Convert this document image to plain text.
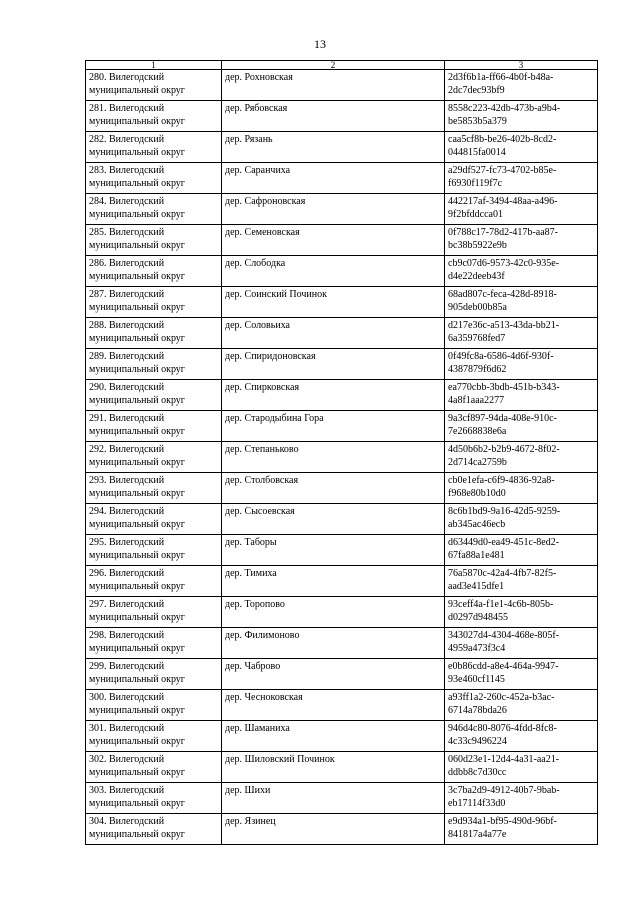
13
1	2	3

280. Вилегодский
муниципальный округ	дер. Рохновская	2d3f6b1a-ff66-4b0f-b48a-
2dc7dec93bf9

281. Вилегодский
муниципальный округ	дер. Рябовская	8558c223-42db-473b-a9b4-
be5853b5a379

282. Вилегодский
муниципальный округ	дер. Рязань	caa5cf8b-be26-402b-8cd2-
044815fa0014

283. Вилегодский
муниципальный округ	дер. Саранчиха	a29df527-fc73-4702-b85e-
f6930f119f7c

284. Вилегодский
муниципальный округ	дер. Сафроновская	442217af-3494-48aa-a496-
9f2bfddcca01

285. Вилегодский
муниципальный округ	дер. Семеновская	0f788c17-78d2-417b-aa87-
bc38b5922e9b

286. Вилегодский
муниципальный округ	дер. Слободка	cb9c07d6-9573-42c0-935e-
d4e22deeb43f

287. Вилегодский
муниципальный округ	дер. Соинский Починок	68ad807c-feca-428d-8918-
905deb00b85a

288. Вилегодский
муниципальный округ	дер. Соловьиха	d217e36c-a513-43da-bb21-
6a359768fed7

289. Вилегодский
муниципальный округ	дер. Спиридоновская	0f49fc8a-6586-4d6f-930f-
4387879f6d62

290. Вилегодский
муниципальный округ	дер. Спирковская	ea770cbb-3bdb-451b-b343-
4a8f1aaa2277

291. Вилегодский
муниципальный округ	дер. Стародыбина Гора	9a3cf897-94da-408e-910c-
7e2668838e6a

292. Вилегодский
муниципальный округ	дер. Степаньково	4d50b6b2-b2b9-4672-8f02-
2d714ca2759b

293. Вилегодский
муниципальный округ	дер. Столбовская	cb0e1efa-c6f9-4836-92a8-
f968e80b10d0

294. Вилегодский
муниципальный округ	дер. Сысоевская	8c6b1bd9-9a16-42d5-9259-
ab345ac46ecb

295. Вилегодский
муниципальный округ	дер. Таборы	d63449d0-ea49-451c-8ed2-
67fa88a1e481

296. Вилегодский
муниципальный округ	дер. Тимиха	76a5870c-42a4-4fb7-82f5-
aad3e415dfe1

297. Вилегодский
муниципальный округ	дер. Торопово	93ceff4a-f1e1-4c6b-805b-
d0297d948455

298. Вилегодский
муниципальный округ	дер. Филимоново	343027d4-4304-468e-805f-
4959a473f3c4

299. Вилегодский
муниципальный округ	дер. Чаброво	e0b86cdd-a8e4-464a-9947-
93e460cf1145

300. Вилегодский
муниципальный округ	дер. Чесноковская	a93ff1a2-260c-452a-b3ac-
6714a78bda26

301. Вилегодский
муниципальный округ	дер. Шаманиха	946d4c80-8076-4fdd-8fc8-
4c33c9496224

302. Вилегодский
муниципальный округ	дер. Шиловский Починок	060d23e1-12d4-4a31-aa21-
ddbb8c7d30cc

303. Вилегодский
муниципальный округ	дер. Шихи	3c7ba2d9-4912-40b7-9bab-
eb17114f33d0

304. Вилегодский
муниципальный округ	дер. Язинец	e9d934a1-bf95-490d-96bf-
841817a4a77e
